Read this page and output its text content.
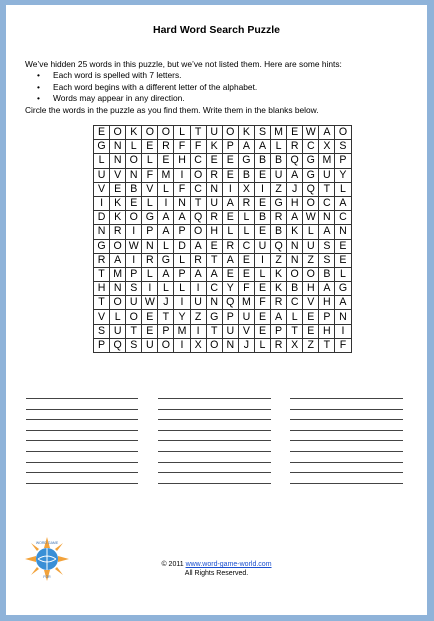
Hard Word Search Puzzle
We’ve hidden 25 words in this puzzle, but we’ve not listed them. Here are some hints:
• Each word is spelled with 7 letters.
• Each word begins with a different letter of the alphabet.
• Words may appear in any direction.
Circle the words in the puzzle as you find them. Write them in the blanks below.
E	O	K	O	O	L	T	U	O	K	S	M	E	W	A	O
G	N	L	E	R	F	F	K	P	A	A	L	R	C	X	S
L	N	O	L	E	H	C	E	E	G	B	B	Q	G	M	P
U	V	N	F	M	I	O	R	E	B	E	U	A	G	U	Y
V	E	B	V	L	F	C	N	I	X	I	Z	J	Q	T	L
I	K	E	L	I	N	T	U	A	R	E	G	H	O	C	A
D	K	O	G	A	A	Q	R	E	L	B	R	A	W	N	C
N	R	I	P	A	P	O	H	L	L	E	B	K	L	A	N
G	O	W	N	L	D	A	E	R	C	U	Q	N	U	S	E
R	A	I	R	G	L	R	T	A	E	I	Z	N	Z	S	E
T	M	P	L	A	P	A	A	E	E	L	K	O	O	B	L
H	N	S	I	L	L	I	C	Y	F	E	K	B	H	A	G
T	O	U	W	J	I	U	N	Q	M	F	R	C	V	H	A
V	L	O	E	T	Y	Z	G	P	U	E	A	L	E	P	N
S	U	T	E	P	M	I	T	U	V	E	P	T	E	H	I
P	Q	S	U	O	I	X	O	N	J	L	R	X	Z	T	F
WORD GAME
FOR
© 2011 www.word-game-world.com
All Rights Reserved.
